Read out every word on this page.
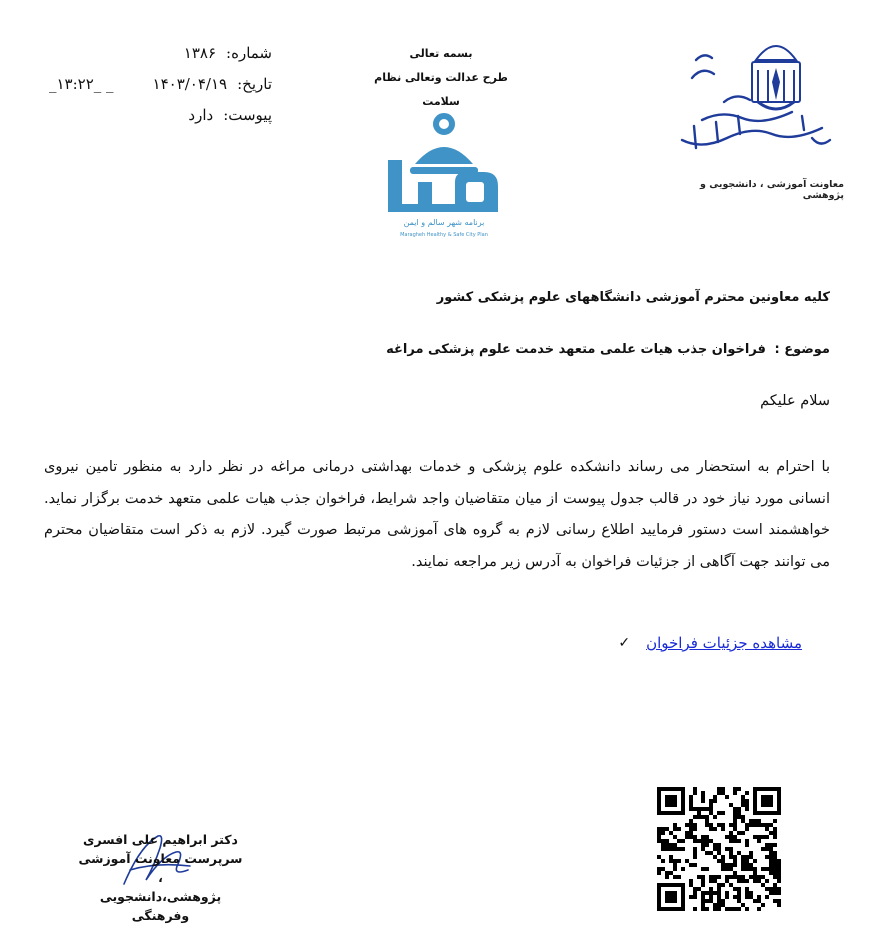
شماره:
۱۳۸۶
تاریخ:
۱۴۰۳/۰۴/۱۹
پیوست:
دارد
_۱۳:۲۲_ _
بسمه تعالی
طرح عدالت وتعالی نظام سلامت
برنامه شهر سالم و ایمن
Maragheh Healthy & Safe City Plan
معاونت آموزشی ، دانشجویی و پژوهشی
کلیه معاونین محترم آموزشی دانشگاههای علوم پزشکی کشور
موضوع : فراخوان جذب هیات علمی متعهد خدمت علوم پزشکی مراغه
سلام علیکم
با احترام به استحضار می رساند دانشکده علوم پزشکی و خدمات بهداشتی درمانی مراغه در نظر دارد به منظور تامین نیروی انسانی مورد نیاز خود در قالب جدول پیوست از میان متقاضیان واجد شرایط، فراخوان جذب هیات علمی متعهد خدمت برگزار نماید. خواهشمند است دستور فرمایید اطلاع رسانی لازم به گروه های آموزشی مرتبط صورت گیرد. لازم به ذکر است متقاضیان محترم می توانند جهت آگاهی از جزئیات فراخوان به آدرس زیر مراجعه نمایند.
مشاهده جزئیات فراخوان
✓
دکتر ابراهیم علی افسری
سرپرست معاونت آموزشی ،
پژوهشی،دانشجویی وفرهنگی
